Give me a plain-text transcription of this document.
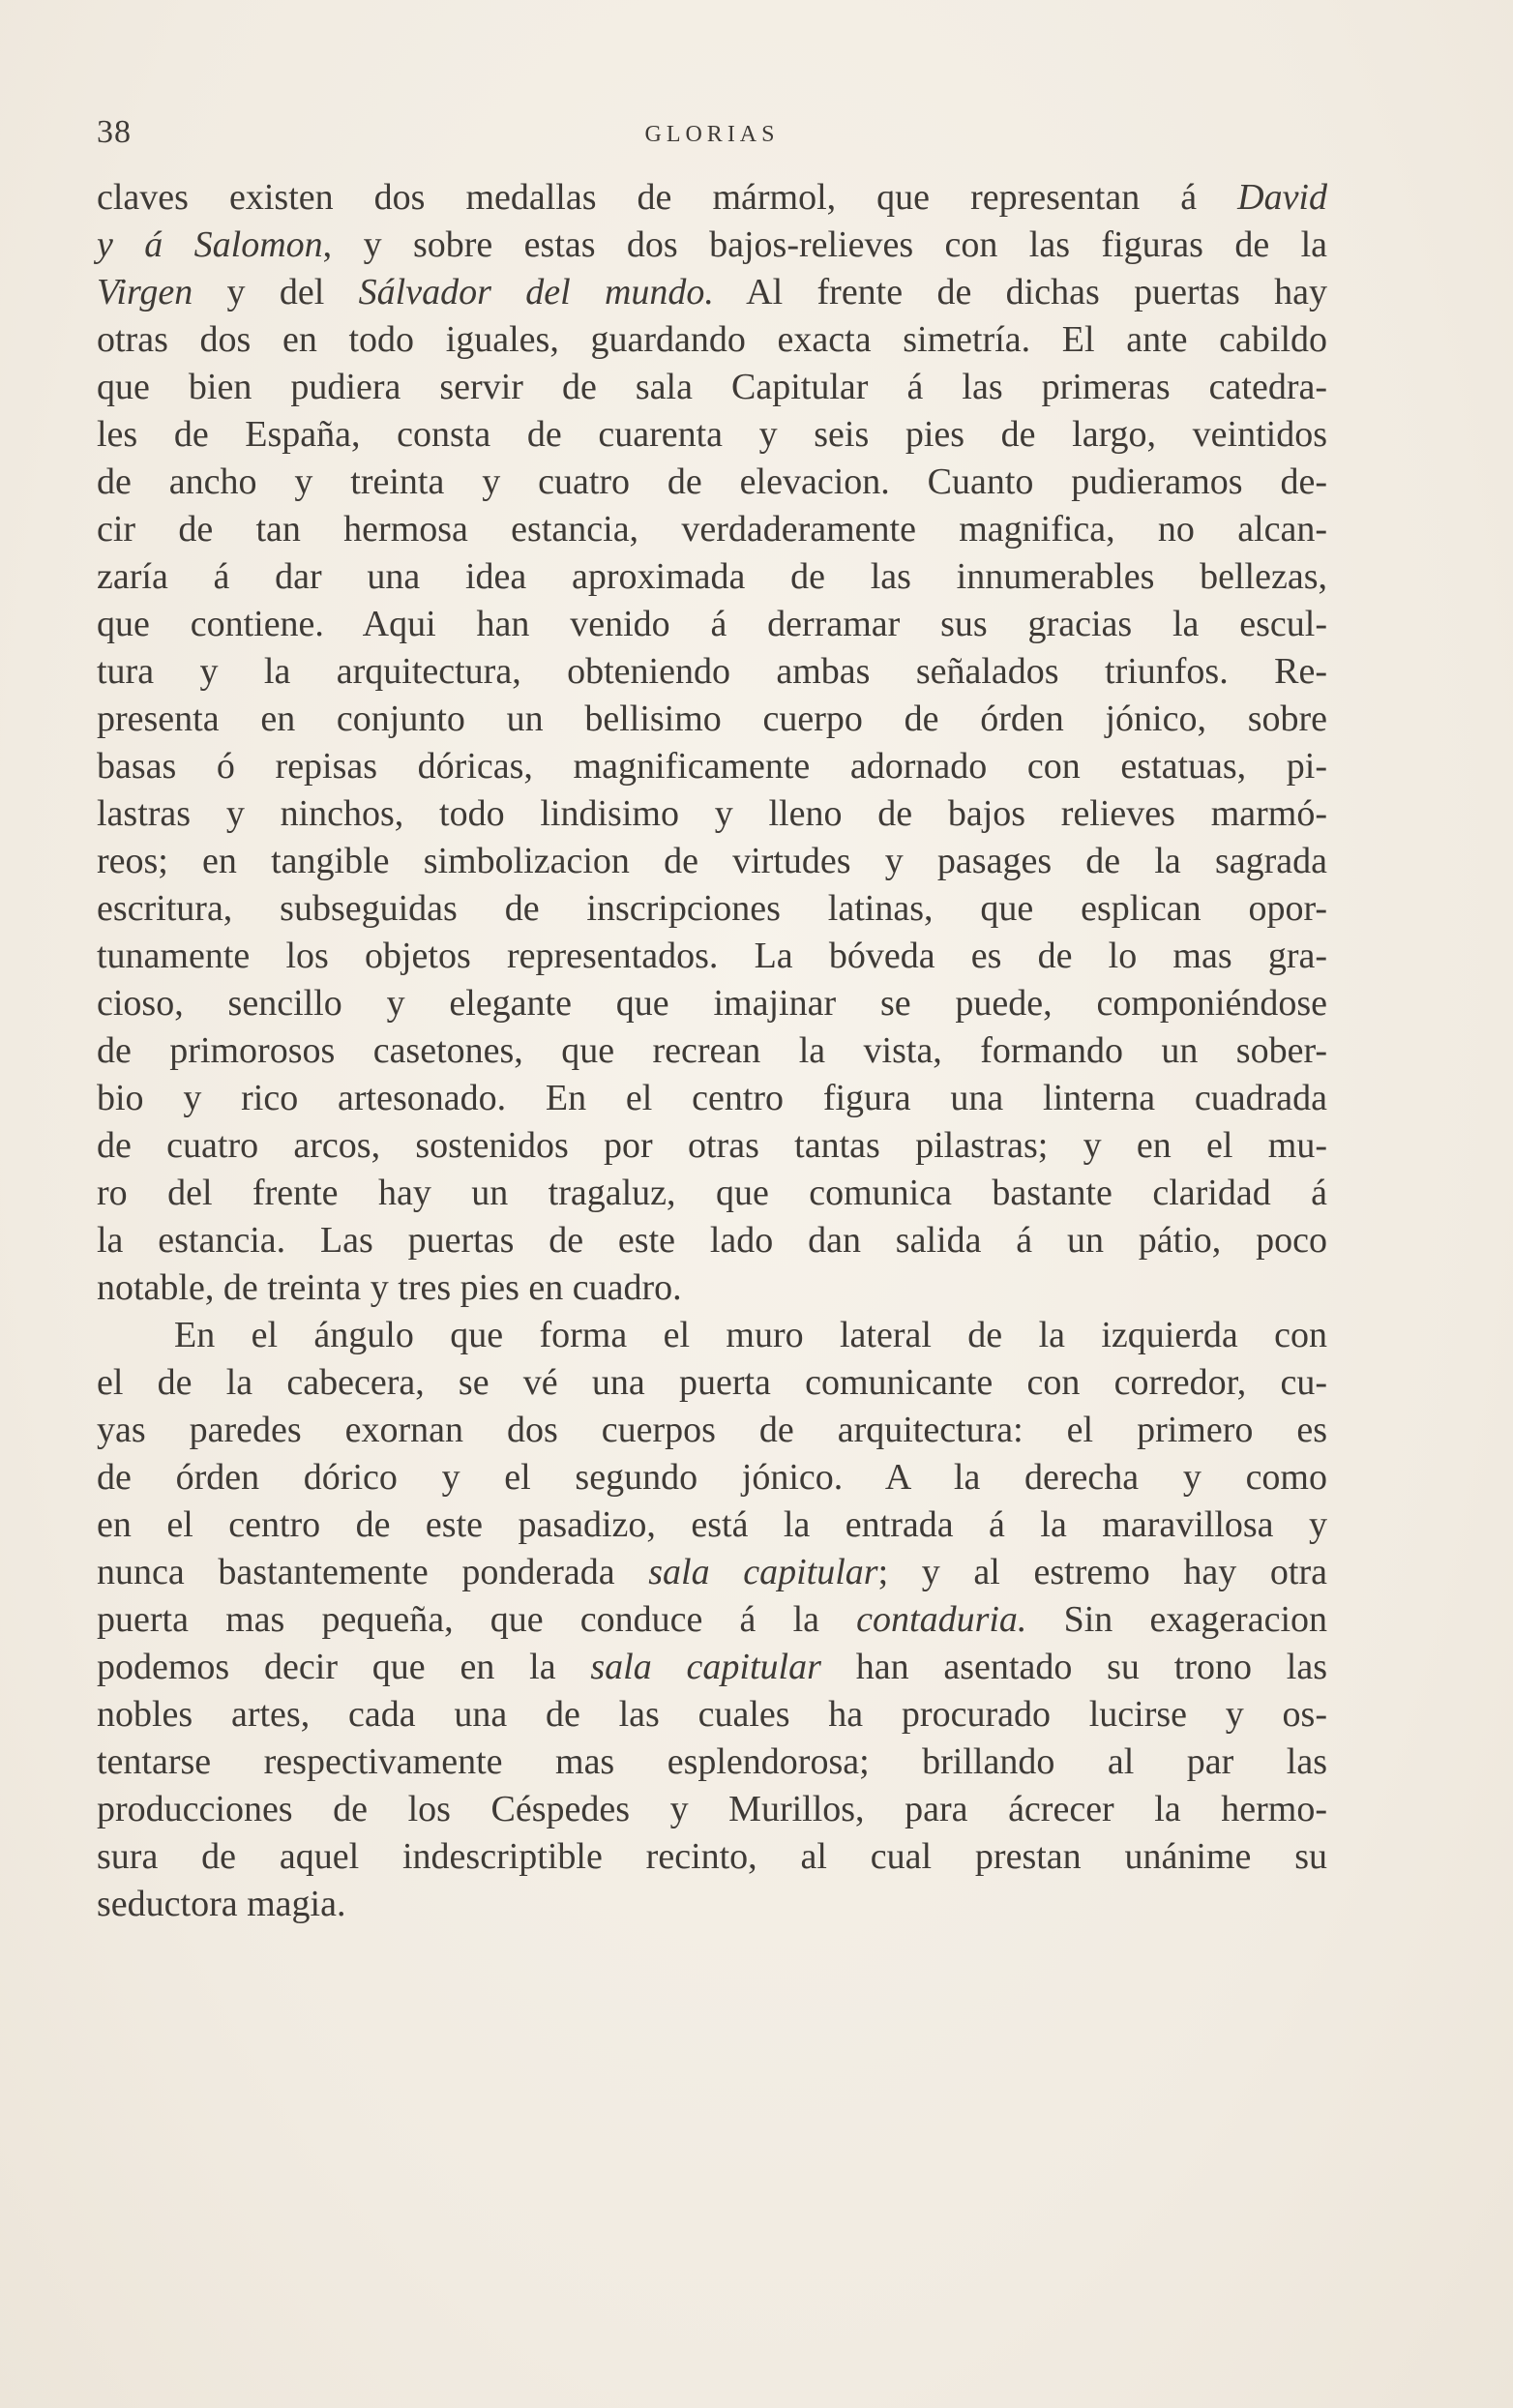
38	GLORIAS

claves existen dos medallas de mármol, que representan á David

y á Salomon, y sobre estas dos bajos-relieves con las figuras de la

Virgen y del Sálvador del mundo. Al frente de dichas puertas hay

otras dos en todo iguales, guardando exacta simetría. El ante cabildo

que bien pudiera servir de sala Capitular á las primeras catedra-

les de España, consta de cuarenta y seis pies de largo, veintidos

de ancho y treinta y cuatro de elevacion. Cuanto pudieramos de-

cir de tan hermosa estancia, verdaderamente magnifica, no alcan-

zaría á dar una idea aproximada de las innumerables bellezas,

que contiene. Aqui han venido á derramar sus gracias la escul-

tura y la arquitectura, obteniendo ambas señalados triunfos. Re-

presenta en conjunto un bellisimo cuerpo de órden jónico, sobre

basas ó repisas dóricas, magnificamente adornado con estatuas, pi-

lastras y ninchos, todo lindisimo y lleno de bajos relieves marmó-

reos; en tangible simbolizacion de virtudes y pasages de la sagrada

escritura, subseguidas de inscripciones latinas, que esplican opor-

tunamente los objetos representados. La bóveda es de lo mas gra-

cioso, sencillo y elegante que imajinar se puede, componiéndose

de primorosos casetones, que recrean la vista, formando un sober-

bio y rico artesonado. En el centro figura una linterna cuadrada

de cuatro arcos, sostenidos por otras tantas pilastras; y en el mu-

ro del frente hay un tragaluz, que comunica bastante claridad á

la estancia. Las puertas de este lado dan salida á un pátio, poco

notable, de treinta y tres pies en cuadro.

En el ángulo que forma el muro lateral de la izquierda con

el de la cabecera, se vé una puerta comunicante con corredor, cu-

yas paredes exornan dos cuerpos de arquitectura: el primero es

de órden dórico y el segundo jónico. A la derecha y como

en el centro de este pasadizo, está la entrada á la maravillosa y

nunca bastantemente ponderada sala capitular; y al estremo hay otra

puerta mas pequeña, que conduce á la contaduria. Sin exageracion

podemos decir que en la sala capitular han asentado su trono las

nobles artes, cada una de las cuales ha procurado lucirse y os-

tentarse respectivamente mas esplendorosa; brillando al par las

producciones de los Céspedes y Murillos, para ácrecer la hermo-

sura de aquel indescriptible recinto, al cual prestan unánime su

seductora magia.
